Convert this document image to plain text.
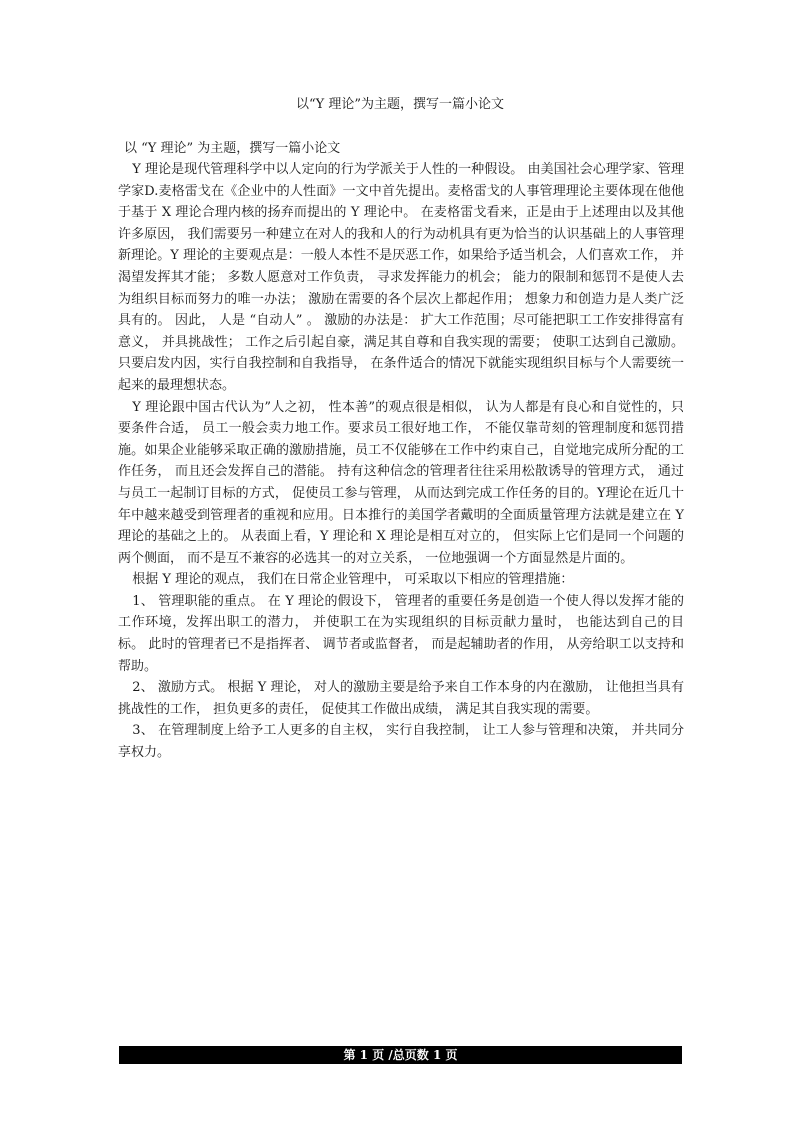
以“Y 理论”为主题，撰写一篇小论文

以 “Y 理论” 为主题，撰写一篇小论文

Y 理论是现代管理科学中以人定向的行为学派关于人性的一种假设。 由美国社会心理学家、管理学家D.麦格雷戈在《企业中的人性面》一文中首先提出。麦格雷戈的人事管理理论主要体现在他他于基于 X 理论合理内核的扬弃而提出的 Y 理论中。 在麦格雷戈看来，正是由于上述理由以及其他许多原因， 我们需要另一种建立在对人的我和人的行为动机具有更为恰当的认识基础上的人事管理新理论。Y 理论的主要观点是：一般人本性不是厌恶工作，如果给予适当机会，人们喜欢工作， 并渴望发挥其才能； 多数人愿意对工作负责， 寻求发挥能力的机会； 能力的限制和惩罚不是使人去为组织目标而努力的唯一办法； 激励在需要的各个层次上都起作用； 想象力和创造力是人类广泛具有的。 因此， 人是 “自动人” 。 激励的办法是： 扩大工作范围；尽可能把职工工作安排得富有意义， 并具挑战性； 工作之后引起自豪，满足其自尊和自我实现的需要； 使职工达到自己激励。只要启发内因，实行自我控制和自我指导， 在条件适合的情况下就能实现组织目标与个人需要统一起来的最理想状态。

Y 理论跟中国古代认为”人之初， 性本善”的观点很是相似， 认为人都是有良心和自觉性的，只要条件合适， 员工一般会卖力地工作。要求员工很好地工作， 不能仅靠苛刻的管理制度和惩罚措施。如果企业能够采取正确的激励措施，员工不仅能够在工作中约束自己，自觉地完成所分配的工作任务， 而且还会发挥自己的潜能。 持有这种信念的管理者往往采用松散诱导的管理方式， 通过与员工一起制订目标的方式， 促使员工参与管理， 从而达到完成工作任务的目的。Y理论在近几十年中越来越受到管理者的重视和应用。日本推行的美国学者戴明的全面质量管理方法就是建立在 Y 理论的基础之上的。 从表面上看，Y 理论和 X 理论是相互对立的， 但实际上它们是同一个问题的两个侧面， 而不是互不兼容的必选其一的对立关系， 一位地强调一个方面显然是片面的。

根据 Y 理论的观点， 我们在日常企业管理中， 可采取以下相应的管理措施：

1、 管理职能的重点。 在 Y 理论的假设下， 管理者的重要任务是创造一个使人得以发挥才能的工作环境，发挥出职工的潜力， 并使职工在为实现组织的目标贡献力量时， 也能达到自己的目标。 此时的管理者已不是指挥者、 调节者或监督者， 而是起辅助者的作用， 从旁给职工以支持和帮助。

2、 激励方式。 根据 Y 理论， 对人的激励主要是给予来自工作本身的内在激励， 让他担当具有挑战性的工作， 担负更多的责任， 促使其工作做出成绩， 满足其自我实现的需要。

3、 在管理制度上给予工人更多的自主权， 实行自我控制， 让工人参与管理和决策， 并共同分享权力。

第 1 页 /总页数 1 页
